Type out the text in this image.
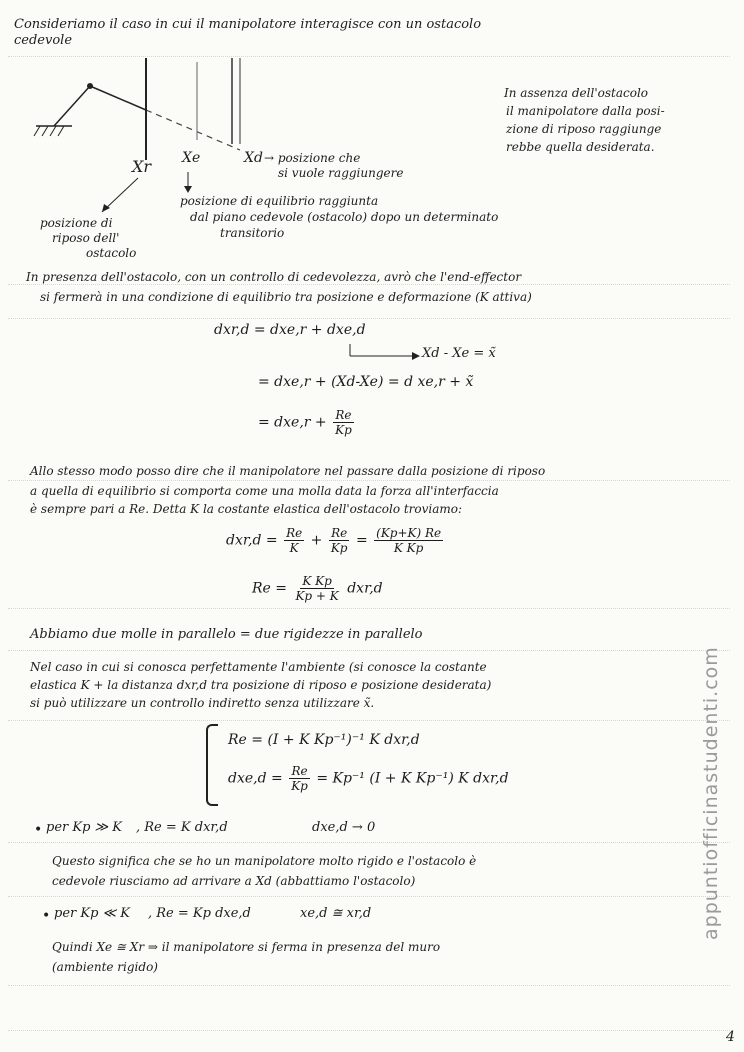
Consideriamo il caso in cui il manipolatore interagisce con un ostacolo
cedevole
Xr Xe	Xd → posizione che
si vuole raggiungere
posizione di
riposo dell'
ostacolo
posizione di equilibrio raggiunta
dal piano cedevole (ostacolo) dopo un determinato
transitorio
In assenza dell'ostacolo
il manipolatore dalla posi-
zione di riposo raggiunge
rebbe quella desiderata.
In presenza dell'ostacolo, con un controllo di cedevolezza, avrò che l'end-effector
si fermerà in una condizione di equilibrio tra posizione e deformazione (K attiva)
dxr,d = dxe,r + dxe,d
Xd - Xe = x̃
= dxe,r + (Xd-Xe) = d xe,r + x̃
= $dxe,r + \frac{Re}{Kp}$
Allo stesso modo posso dire che il manipolatore nel passare dalla posizione di riposo
a quella di equilibrio si comporta come una molla data la forza all'interfaccia
è sempre pari a Re. Detta K la costante elastica dell'ostacolo troviamo:
$dxr,d = \frac{Re}{K} + \frac{Re}{Kp} = \frac{(Kp+K) Re}{\text{K Kp}}$
$Re = \frac{\text{K Kp}}{Kp + K} dxr,d$
Abbiamo due molle in parallelo = due rigidezze in parallelo
Nel caso in cui si conosca perfettamente l'ambiente (si conosce la costante
elastica K + la distanza dxr,d tra posizione di riposo e posizione desiderata)
si può utilizzare un controllo indiretto senza utilizzare x̃.
Re = (I + K Kp⁻¹)⁻¹ K dxr,d
$dxe,d = \frac{Re}{Kp} = Kp^{-1}$ (I + K Kp⁻¹) K dxr,d
• per Kp ≫ K , Re = K dxr,d	dxe,d → 0
Questo significa che se ho un manipolatore molto rigido e l'ostacolo è
cedevole riusciamo ad arrivare a Xd (abbattiamo l'ostacolo)
• per Kp ≪ K , Re = Kp dxe,d	xe,d ≅ xr,d
Quindi Xe ≅ Xr ⇒ il manipolatore si ferma in presenza del muro
(ambiente rigido)
appuntiofficinastudenti.com
4
